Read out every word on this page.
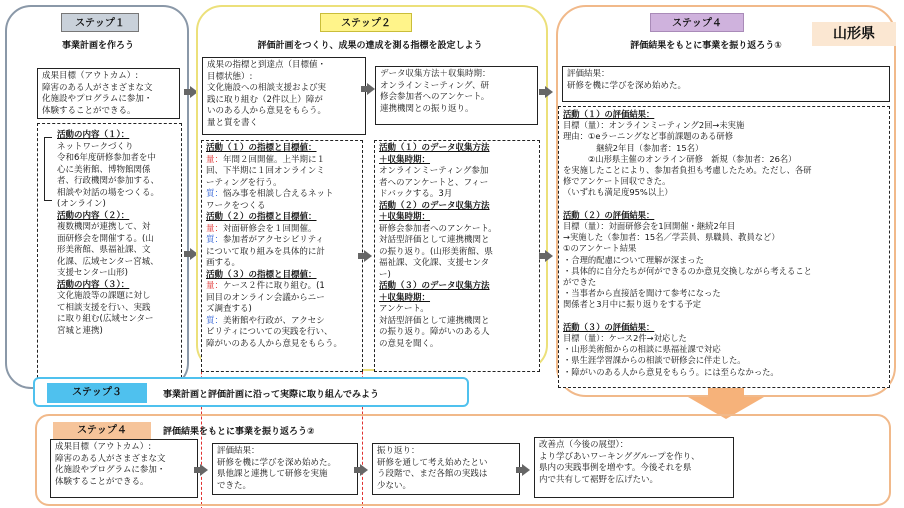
ステップ１
事業計画を作ろう
成果目標（アウトカム）:
障害のある人がさまざまな文
化施設やプログラムに参加・
体験することができる。
活動の内容（１）：
ネットワークづくり
令和6年度研修参加者を中
心に美術館、博物館関係
者、行政機関が参加する、
相談や対話の場をつくる。
(オンライン)
活動の内容（２）：
複数機関が連携して、対
面研修会を開催する。(山
形美術館、県福祉課、文
化課、広域センター宮城、
支援センター山形)
活動の内容（３）：
文化施設等の課題に対し
て相談支援を行い、実践
に取り組む(広域センター
宮城と連携)
ステップ２
評価計画をつくり、成果の達成を測る指標を設定しよう
成果の指標と到達点（目標値・
目標状態）:
文化施設への相談支援および実
践に取り組む（2件以上）障が
いのある人から意見をもらう。
量と質を書く
データ収集方法＋収集時期：
オンラインミーティング、研
修会参加者へのアンケート。
連携機関との振り返り。
活動（１）の指標と目標値：
量：年間２回開催。上半期に１
回、下半期に１回オンラインミ
ーティングを行う。
質：悩み事を相談し合えるネット
ワークをつくる
活動（２）の指標と目標値：
量：対面研修会を１回開催。
質：参加者がアクセシビリティ
について取り組みを具体的に計
画する。
活動（３）の指標と目標値：
量：ケース２件に取り組む。(1
回目のオンライン会議からニー
ズ調査する)
質：美術館や行政が、アクセシ
ビリティについての実践を行い、
障がいのある人から意見をもらう。
活動（１）のデータ収集方法
＋収集時期：
オンラインミーティング参加
者へのアンケートと、フィー
ドバックする。3月
活動（２）のデータ収集方法
＋収集時期：
研修会参加者へのアンケート。
対話型評価として連携機関と
の振り返り。(山形美術館、県
福祉課、文化課、支援センタ
ー)
活動（３）のデータ収集方法
＋収集時期：
アンケート。
対話型評価として連携機関と
の振り返り。障がいのある人
の意見を聞く。
ステップ４
評価結果をもとに事業を振り返ろう①
山形県
評価結果：
研修を機に学びを深め始めた。
活動（１）の評価結果：
目標（量）：オンラインミーティング2回→未実施
理由：①eラーニングなど事前課題のある研修
　　　　継続2年目（参加者：15名）
　　　②山形県主催のオンライン研修　新規（参加者：26名）
を実施したことにより、参加者負担も考慮したため。ただし、各研
修でアンケート回収できた。
（いずれも満足度95%以上）

活動（２）の評価結果：
目標（量）：対面研修会を1回開催・継続2年目
→実施した（参加者：15名／学芸員、県職員、教員など）
①のアンケート結果
・合理的配慮について理解が深まった
・具体的に自分たちが何ができるのか意見交換しながら考えること
ができた
・当事者から直接話を聞けて参考になった
関係者と3月中に振り返りをする予定

活動（３）の評価結果：
目標（量）：ケース2件→対応した
・山形美術館からの相談に県福祉課で対応
・県生涯学習課からの相談で研修会に伴走した。
・障がいのある人から意見をもらう。には至らなかった。
ステップ３	事業計画と評価計画に沿って実際に取り組んでみよう
ステップ４	評価結果をもとに事業を振り返ろう②
成果目標（アウトカム）:
障害のある人がさまざまな文
化施設やプログラムに参加・
体験することができる。
評価結果：
研修を機に学びを深め始めた。
県他課と連携して研修を実施
できた。
振り返り：
研修を通して考え始めたとい
う段階で、まだ各館の実践は
少ない。
改善点（今後の展望）：
より学びあいワーキンググループを作り、
県内の実践事例を増やす。今後それを県
内で共有して裾野を広げたい。
